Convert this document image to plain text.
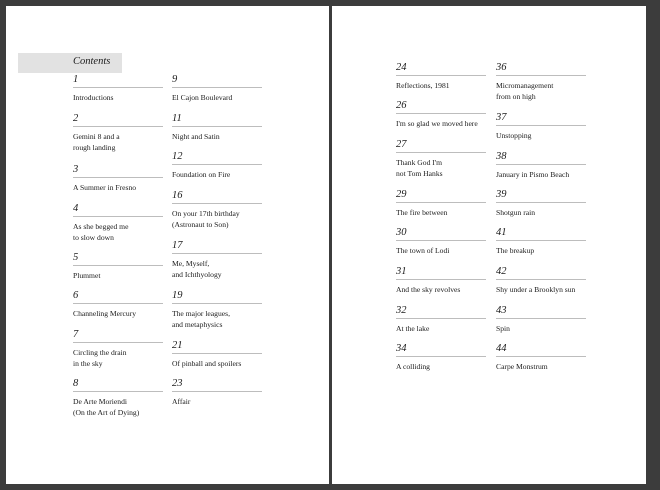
Contents
1
Introductions
2
Gemini 8 and a
rough landing
3
A Summer in Fresno
4
As she begged me
to slow down
5
Plummet
6
Channeling Mercury
7
Circling the drain
in the sky
8
De Arte Moriendi
(On the Art of Dying)
9
El Cajon Boulevard
11
Night and Satin
12
Foundation on Fire
16
On your 17th birthday
(Astronaut to Son)
17
Me, Myself,
and Ichthyology
19
The major leagues,
and metaphysics
21
Of pinball and spoilers
23
Affair
24
Reflections, 1981
26
I'm so glad we moved here
27
Thank God I'm
not Tom Hanks
29
The fire between
30
The town of Lodi
31
And the sky revolves
32
At the lake
34
A colliding
36
Micromanagement
from on high
37
Unstopping
38
January in Pismo Beach
39
Shotgun rain
41
The breakup
42
Shy under a Brooklyn sun
43
Spin
44
Carpe Monstrum
